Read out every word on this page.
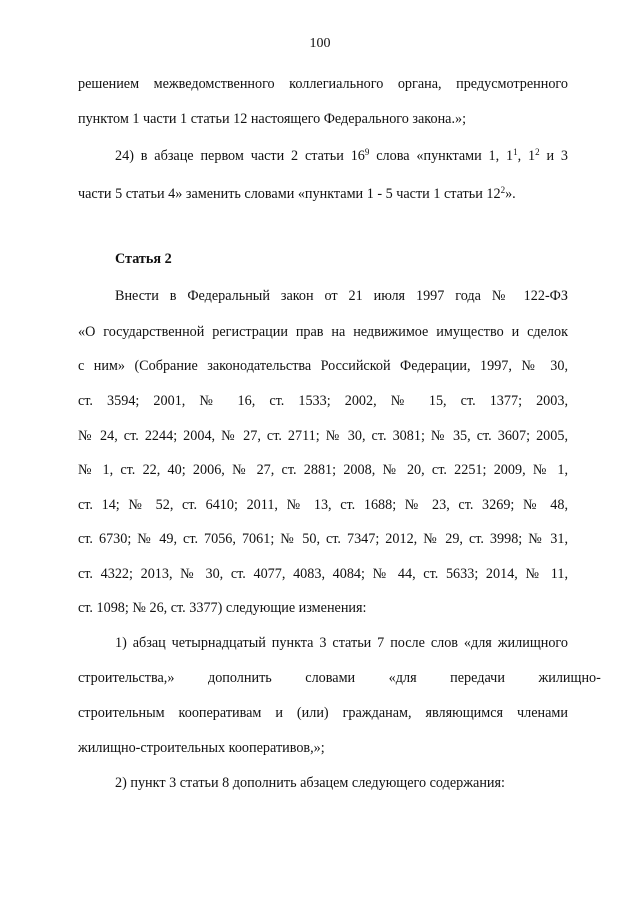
100
решением межведомственного коллегиального органа, предусмотренного
пунктом 1 части 1 статьи 12 настоящего Федерального закона.»;
24) в абзаце первом части 2 статьи $16^9$ слова «пунктами 1, $1^1$, $1^2$ и 3
части 5 статьи 4» заменить словами «пунктами 1 - 5 части 1 статьи $12^2$».
Статья 2
Внести в Федеральный закон от 21 июля 1997 года № 122-ФЗ
«О государственной регистрации прав на недвижимое имущество и сделок
с ним» (Собрание законодательства Российской Федерации, 1997, № 30,
ст. 3594; 2001, № 16, ст. 1533; 2002, № 15, ст. 1377; 2003,
№ 24, ст. 2244; 2004, № 27, ст. 2711; № 30, ст. 3081; № 35, ст. 3607; 2005,
№ 1, ст. 22, 40; 2006, № 27, ст. 2881; 2008, № 20, ст. 2251; 2009, № 1,
ст. 14; № 52, ст. 6410; 2011, № 13, ст. 1688; № 23, ст. 3269; № 48,
ст. 6730; № 49, ст. 7056, 7061; № 50, ст. 7347; 2012, № 29, ст. 3998; № 31,
ст. 4322; 2013, № 30, ст. 4077, 4083, 4084; № 44, ст. 5633; 2014, № 11,
ст. 1098; № 26, ст. 3377) следующие изменения:
1) абзац четырнадцатый пункта 3 статьи 7 после слов «для жилищного
строительства,» дополнить словами «для передачи жилищно-
строительным кооперативам и (или) гражданам, являющимся членами
жилищно-строительных кооперативов,»;
2) пункт 3 статьи 8 дополнить абзацем следующего содержания:
